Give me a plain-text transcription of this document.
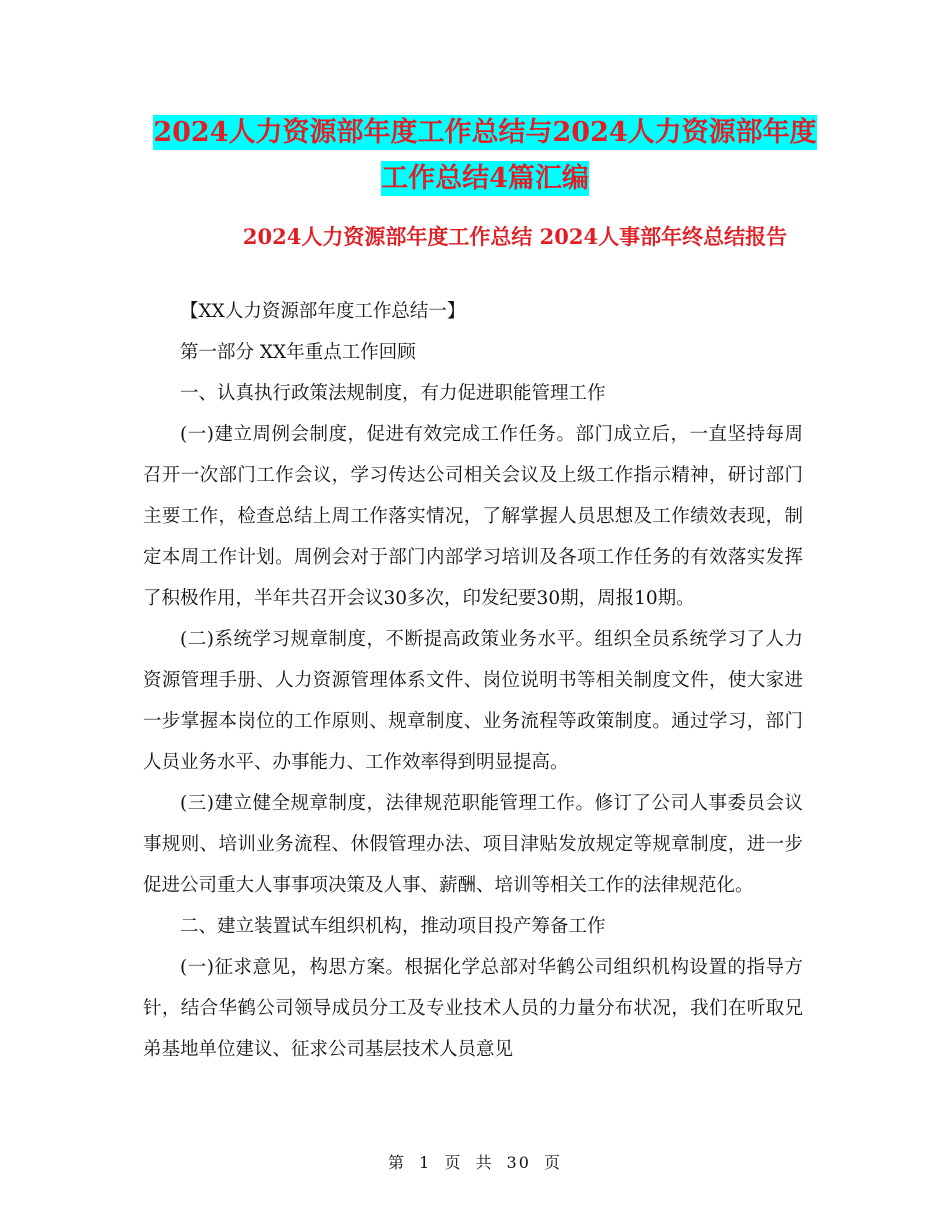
2024人力资源部年度工作总结与2024人力资源部年度
工作总结4篇汇编
2024人力资源部年度工作总结 2024人事部年终总结报告

【XX人力资源部年度工作总结一】

第一部分 XX年重点工作回顾

一、认真执行政策法规制度，有力促进职能管理工作

(一)建立周例会制度，促进有效完成工作任务。部门成立后，一直坚持每周召开一次部门工作会议，学习传达公司相关会议及上级工作指示精神，研讨部门主要工作，检查总结上周工作落实情况，了解掌握人员思想及工作绩效表现，制定本周工作计划。周例会对于部门内部学习培训及各项工作任务的有效落实发挥了积极作用，半年共召开会议30多次，印发纪要30期，周报10期。

(二)系统学习规章制度，不断提高政策业务水平。组织全员系统学习了人力资源管理手册、人力资源管理体系文件、岗位说明书等相关制度文件，使大家进一步掌握本岗位的工作原则、规章制度、业务流程等政策制度。通过学习，部门人员业务水平、办事能力、工作效率得到明显提高。

(三)建立健全规章制度，法律规范职能管理工作。修订了公司人事委员会议事规则、培训业务流程、休假管理办法、项目津贴发放规定等规章制度，进一步促进公司重大人事事项决策及人事、薪酬、培训等相关工作的法律规范化。

二、建立装置试车组织机构，推动项目投产筹备工作

(一)征求意见，构思方案。根据化学总部对华鹤公司组织机构设置的指导方针，结合华鹤公司领导成员分工及专业技术人员的力量分布状况，我们在听取兄弟基地单位建议、征求公司基层技术人员意见

第 1 页 共 30 页
